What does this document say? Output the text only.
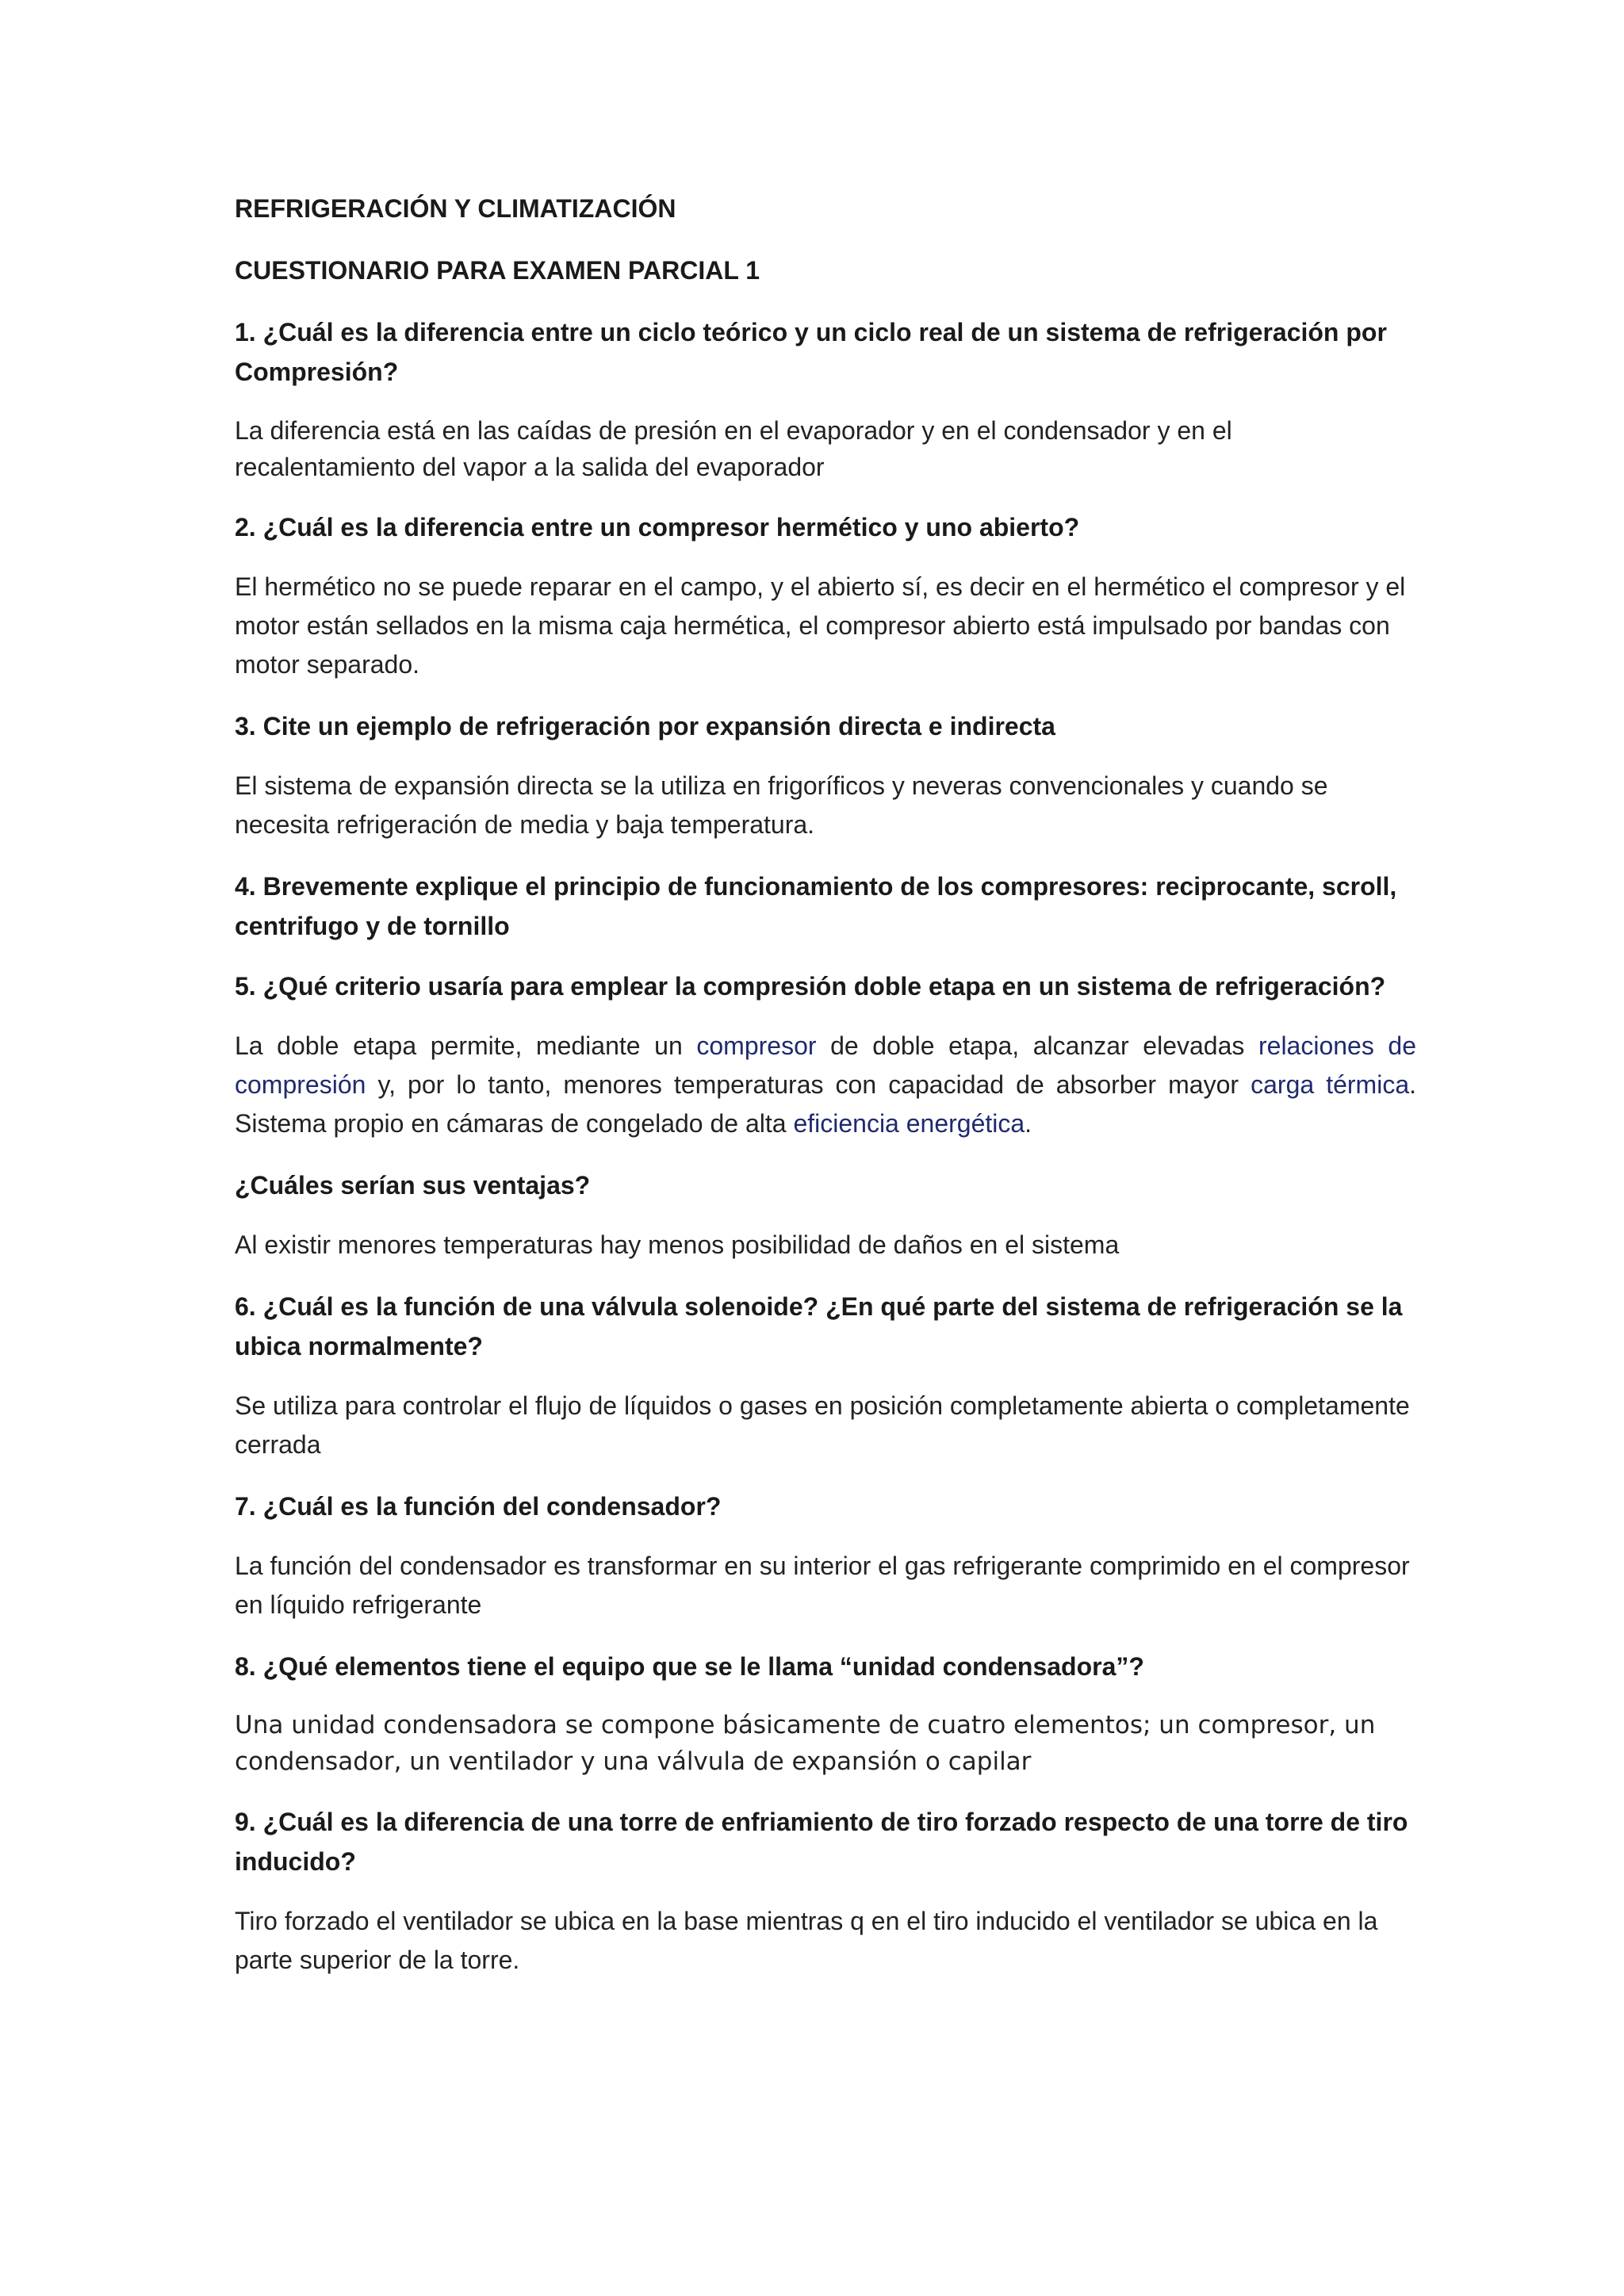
REFRIGERACIÓN Y CLIMATIZACIÓN

CUESTIONARIO PARA EXAMEN PARCIAL 1

1. ¿Cuál es la diferencia entre un ciclo teórico y un ciclo real de un sistema de refrigeración por Compresión?

La diferencia está en las caídas de presión en el evaporador y en el condensador y en el recalentamiento del vapor a la salida del evaporador

2. ¿Cuál es la diferencia entre un compresor hermético y uno abierto?

El hermético no se puede reparar en el campo, y el abierto sí, es decir en el hermético el compresor y el motor están sellados en la misma caja hermética, el compresor abierto está impulsado por bandas con motor separado.

3. Cite un ejemplo de refrigeración por expansión directa e indirecta

El sistema de expansión directa se la utiliza en frigoríficos y neveras convencionales y cuando se necesita refrigeración de media y baja temperatura.

4. Brevemente explique el principio de funcionamiento de los compresores: reciprocante, scroll, centrifugo y de tornillo

5. ¿Qué criterio usaría para emplear la compresión doble etapa en un sistema de refrigeración?

La doble etapa permite, mediante un compresor de doble etapa, alcanzar elevadas relaciones de compresión y, por lo tanto, menores temperaturas con capacidad de absorber mayor carga térmica. Sistema propio en cámaras de congelado de alta eficiencia energética.

¿Cuáles serían sus ventajas?

Al existir menores temperaturas hay menos posibilidad de daños en el sistema

6. ¿Cuál es la función de una válvula solenoide? ¿En qué parte del sistema de refrigeración se la ubica normalmente?

Se utiliza para controlar el flujo de líquidos o gases en posición completamente abierta o completamente cerrada

7. ¿Cuál es la función del condensador?

La función del condensador es transformar en su interior el gas refrigerante comprimido en el compresor en líquido refrigerante

8. ¿Qué elementos tiene el equipo que se le llama “unidad condensadora”?

Una unidad condensadora se compone básicamente de cuatro elementos; un compresor, un condensador, un ventilador y una válvula de expansión o capilar

9. ¿Cuál es la diferencia de una torre de enfriamiento de tiro forzado respecto de una torre de tiro inducido?

Tiro forzado el ventilador se ubica en la base mientras q en el tiro inducido el ventilador se ubica en la parte superior de la torre.
